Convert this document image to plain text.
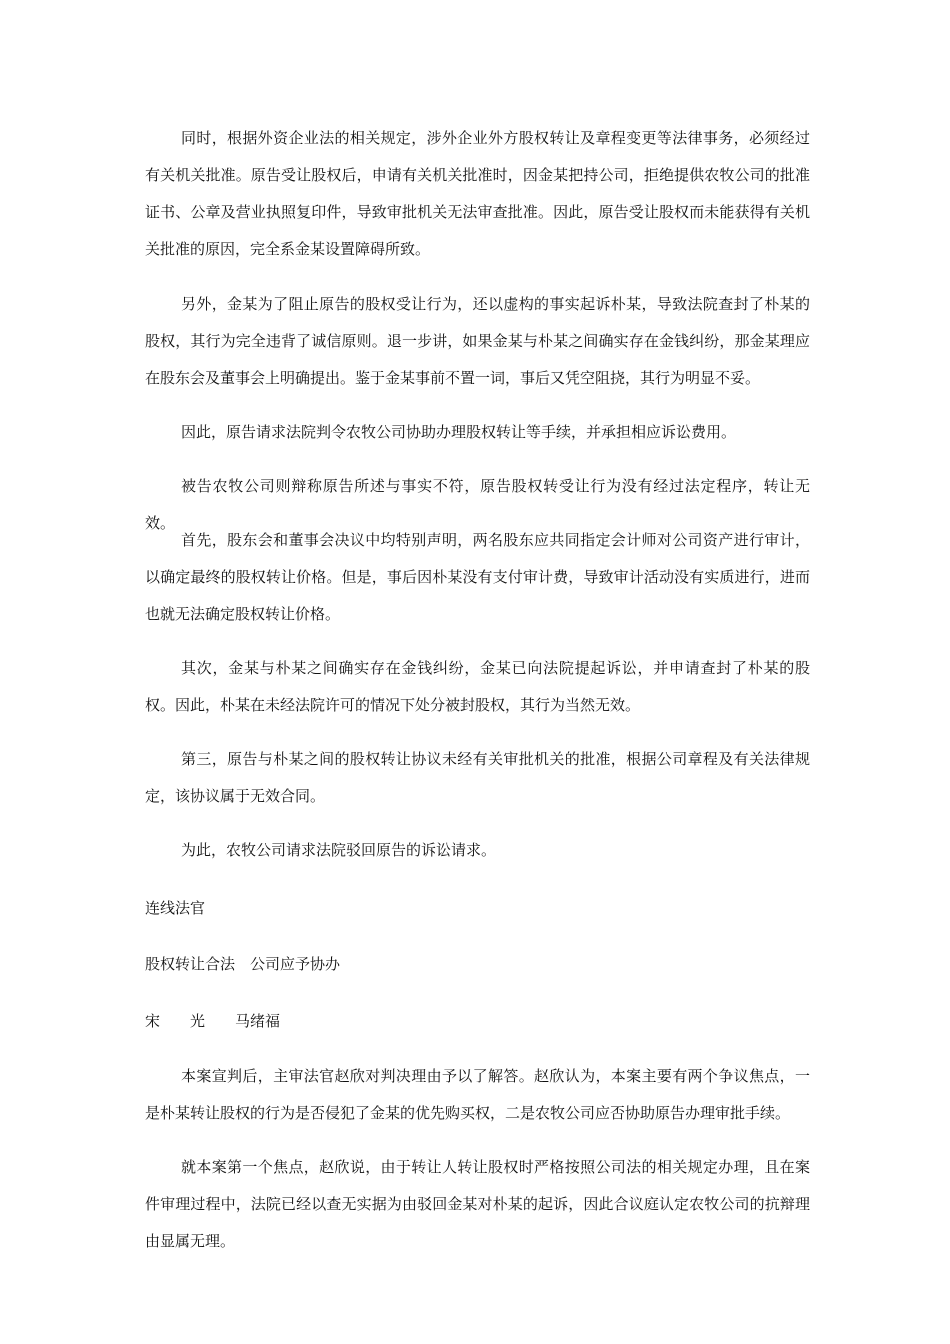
同时，根据外资企业法的相关规定，涉外企业外方股权转让及章程变更等法律事务，必须经过有关机关批准。原告受让股权后，申请有关机关批准时，因金某把持公司，拒绝提供农牧公司的批准证书、公章及营业执照复印件，导致审批机关无法审查批准。因此，原告受让股权而未能获得有关机关批准的原因，完全系金某设置障碍所致。

另外，金某为了阻止原告的股权受让行为，还以虚构的事实起诉朴某，导致法院查封了朴某的股权，其行为完全违背了诚信原则。退一步讲，如果金某与朴某之间确实存在金钱纠纷，那金某理应在股东会及董事会上明确提出。鉴于金某事前不置一词，事后又凭空阻挠，其行为明显不妥。

因此，原告请求法院判令农牧公司协助办理股权转让等手续，并承担相应诉讼费用。

被告农牧公司则辩称原告所述与事实不符，原告股权转受让行为没有经过法定程序，转让无效。

首先，股东会和董事会决议中均特别声明，两名股东应共同指定会计师对公司资产进行审计，以确定最终的股权转让价格。但是，事后因朴某没有支付审计费，导致审计活动没有实质进行，进而也就无法确定股权转让价格。

其次，金某与朴某之间确实存在金钱纠纷，金某已向法院提起诉讼，并申请查封了朴某的股权。因此，朴某在未经法院许可的情况下处分被封股权，其行为当然无效。

第三，原告与朴某之间的股权转让协议未经有关审批机关的批准，根据公司章程及有关法律规定，该协议属于无效合同。

为此，农牧公司请求法院驳回原告的诉讼请求。

连线法官

股权转让合法　公司应予协办

宋　　光　　马绪福

本案宣判后，主审法官赵欣对判决理由予以了解答。赵欣认为，本案主要有两个争议焦点，一是朴某转让股权的行为是否侵犯了金某的优先购买权，二是农牧公司应否协助原告办理审批手续。

就本案第一个焦点，赵欣说，由于转让人转让股权时严格按照公司法的相关规定办理，且在案件审理过程中，法院已经以查无实据为由驳回金某对朴某的起诉，因此合议庭认定农牧公司的抗辩理由显属无理。
